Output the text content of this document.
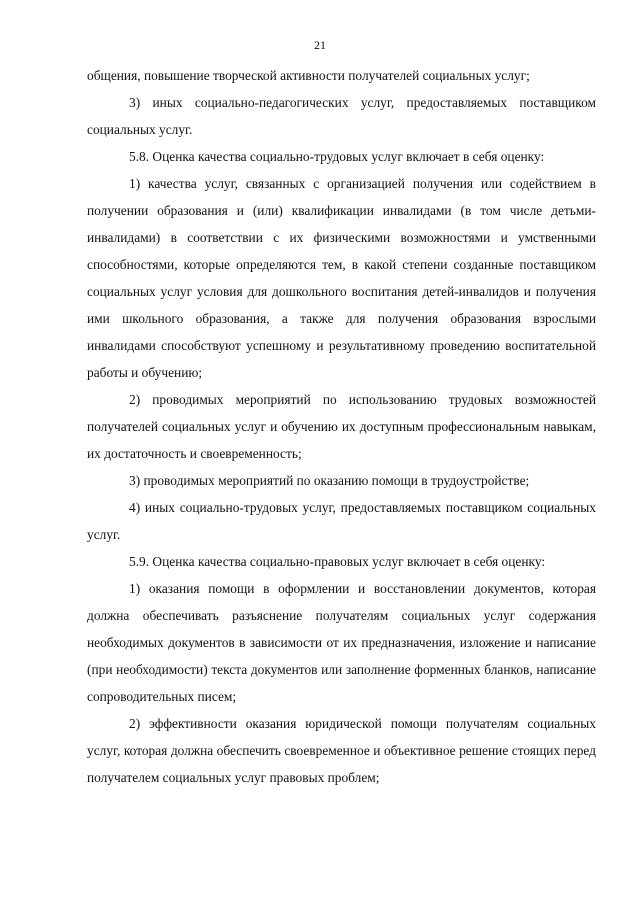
21

общения, повышение творческой активности получателей социальных услуг;

3) иных социально-педагогических услуг, предоставляемых поставщиком социальных услуг.

5.8. Оценка качества социально-трудовых услуг включает в себя оценку:

1) качества услуг, связанных с организацией получения или содействием в получении образования и (или) квалификации инвалидами (в том числе детьми-инвалидами) в соответствии с их физическими возможностями и умственными способностями, которые определяются тем, в какой степени созданные поставщиком социальных услуг условия для дошкольного воспитания детей-инвалидов и получения ими школьного образования, а также для получения образования взрослыми инвалидами способствуют успешному и результативному проведению воспитательной работы и обучению;

2) проводимых мероприятий по использованию трудовых возможностей получателей социальных услуг и обучению их доступным профессиональным навыкам, их достаточность и своевременность;

3) проводимых мероприятий по оказанию помощи в трудоустройстве;

4) иных социально-трудовых услуг, предоставляемых поставщиком социальных услуг.

5.9. Оценка качества социально-правовых услуг включает в себя оценку:

1) оказания помощи в оформлении и восстановлении документов, которая должна обеспечивать разъяснение получателям социальных услуг содержания необходимых документов в зависимости от их предназначения, изложение и написание (при необходимости) текста документов или заполнение форменных бланков, написание сопроводительных писем;

2) эффективности оказания юридической помощи получателям социальных услуг, которая должна обеспечить своевременное и объективное решение стоящих перед получателем социальных услуг правовых проблем;
